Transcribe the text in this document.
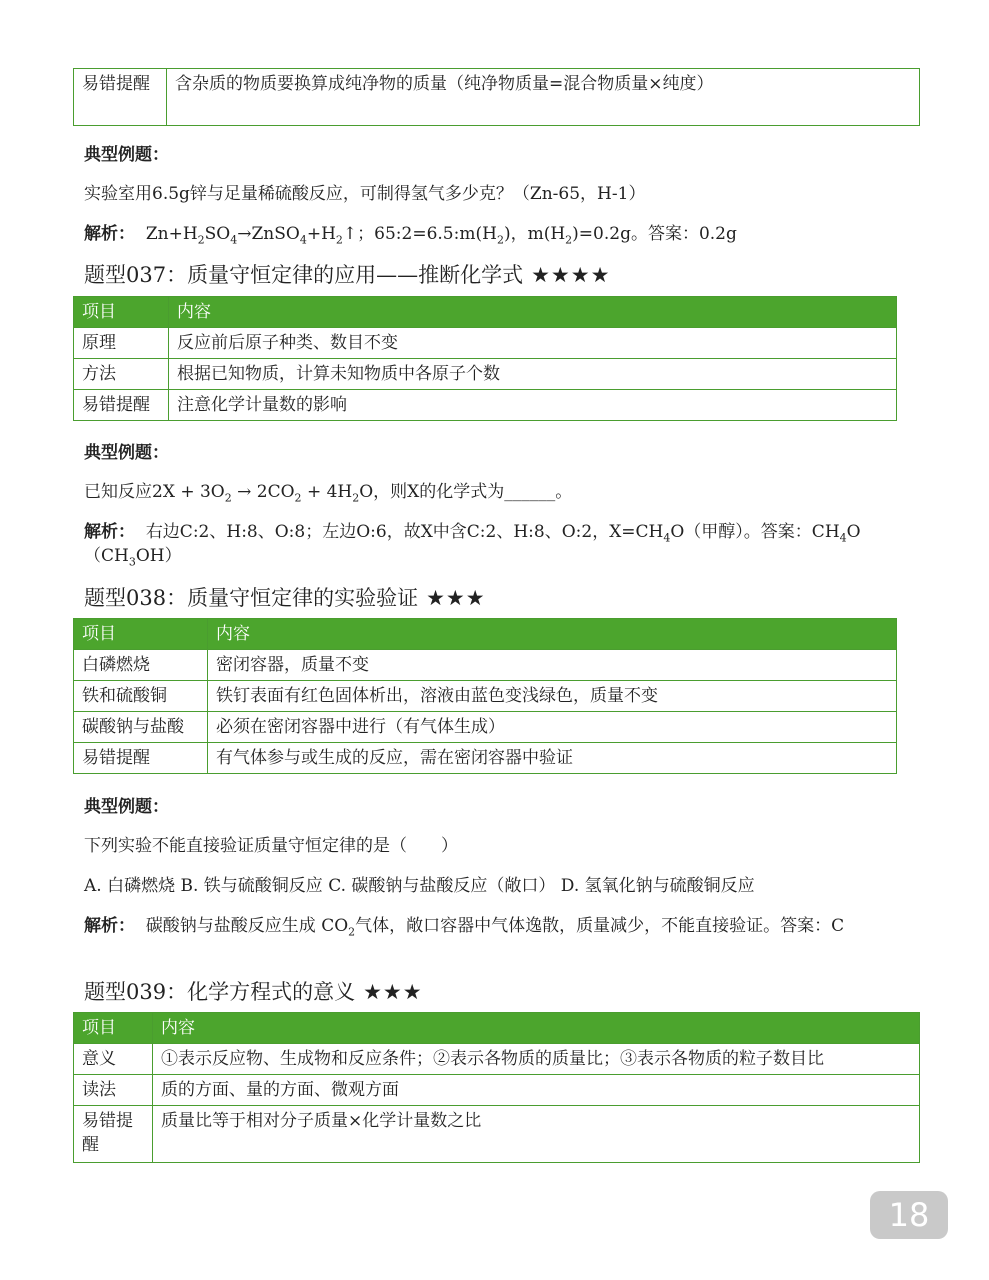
易错提醒	含杂质的物质要换算成纯净物的质量（纯净物质量=混合物质量×纯度）
典型例题：
实验室用6.5g锌与足量稀硫酸反应，可制得氢气多少克？（Zn-65，H-1）
解析： $Zn+H_2SO_4\to ZnSO_4+H_2↑$；$65:2=6.5:m(H_2)$，$m(H_2)=0.2g$。答案：0.2g
题型037：质量守恒定律的应用——推断化学式 ★★★★
项目	内容
原理	反应前后原子种类、数目不变
方法	根据已知物质，计算未知物质中各原子个数
易错提醒	注意化学计量数的影响
典型例题：
已知反应$2X + 3O_2 \to 2CO_2 + 4H_2O$，则X的化学式为______。
解析： 右边C:2、H:8、O:8；左边O:6，故X中含C:2、H:8、O:2，$X=CH_4O$（甲醇）。答案：$CH_4O(CH_3OH)$
题型038：质量守恒定律的实验验证 ★★★
项目	内容
白磷燃烧	密闭容器，质量不变
铁和硫酸铜	铁钉表面有红色固体析出，溶液由蓝色变浅绿色，质量不变
碳酸钠与盐酸	必须在密闭容器中进行（有气体生成）
易错提醒	有气体参与或生成的反应，需在密闭容器中验证
典型例题：
下列实验不能直接验证质量守恒定律的是（　　）
A. 白磷燃烧 B. 铁与硫酸铜反应 C. 碳酸钠与盐酸反应（敞口） D. 氢氧化钠与硫酸铜反应
解析： 碳酸钠与盐酸反应生成 $CO_2$气体，敞口容器中气体逸散，质量减少，不能直接验证。答案：C
题型039：化学方程式的意义 ★★★
项目	内容
意义	①表示反应物、生成物和反应条件；②表示各物质的质量比；③表示各物质的粒子数目比
读法	质的方面、量的方面、微观方面
易错提醒	质量比等于相对分子质量×化学计量数之比
18
